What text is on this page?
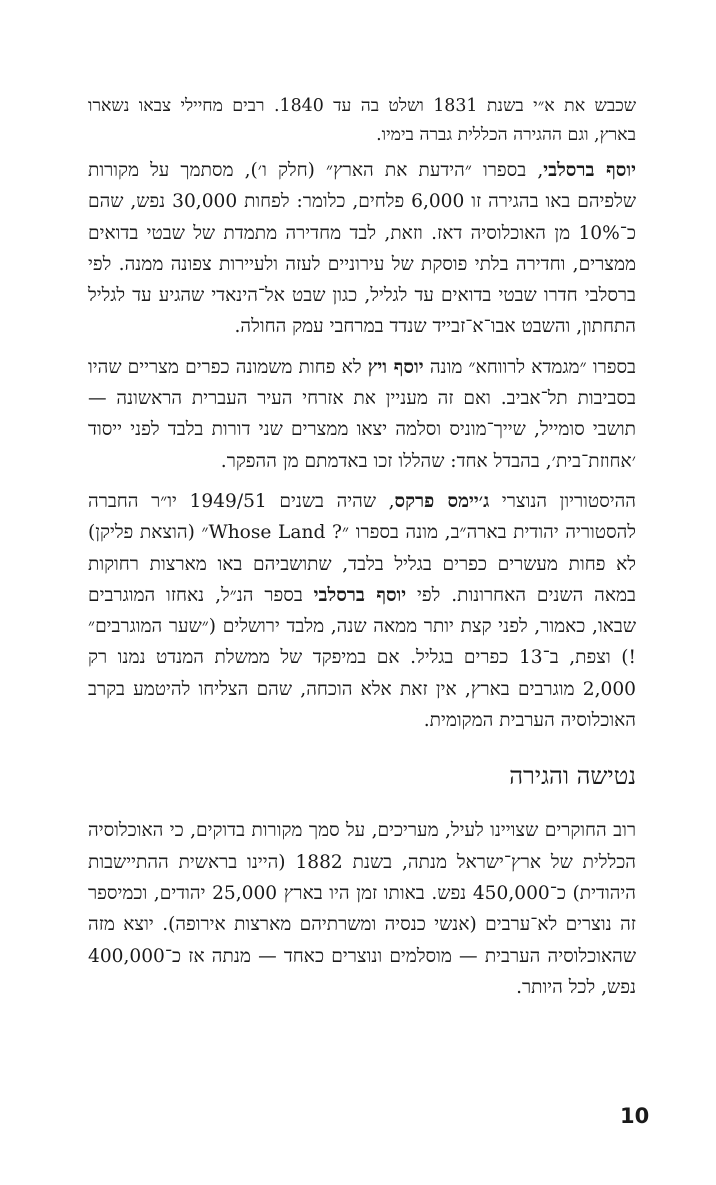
שכבש את א״י בשנת 1831 ושלט בה עד 1840. רבים מחיילי צבאו נשארו בארץ, וגם ההגירה הכללית גברה בימיו.

יוסף ברסלבי, בספרו ״הידעת את הארץ״ (חלק ו׳), מסתמך על מקורות שלפיהם באו בהגירה זו 6,000 פלחים, כלומר: לפחות 30,000 נפש, שהם כ־10% מן האוכלוסיה דאז. וזאת, לבד מחדירה מתמדת של שבטי בדואים ממצרים, וחדירה בלתי פוסקת של עירוניים לעזה ולעיירות צפונה ממנה. לפי ברסלבי חדרו שבטי בדואים עד לגליל, כגון שבט אל־הינאדי שהגיע עד לגליל התחתון, והשבט אבו־א־זבייד שנדד במרחבי עמק החולה.

בספרו ״מגמדא לרווחא״ מונה יוסף ויץ לא פחות משמונה כפרים מצריים שהיו בסביבות תל־אביב. ואם זה מעניין את אזרחי העיר העברית הראשונה — תושבי סומייל, שייך־מוניס וסלמה יצאו ממצרים שני דורות בלבד לפני ייסוד ׳אחוזת־בית׳, בהבדל אחד: שהללו זכו באדמתם מן ההפקר.

ההיסטוריון הנוצרי ג׳יימס פרקס, שהיה בשנים 1949/51 יו״ר החברה להסטוריה יהודית בארה״ב, מונה בספרו ״Whose Land ?״ (הוצאת פליקן) לא פחות מעשרים כפרים בגליל בלבד, שתושביהם באו מארצות רחוקות במאה השנים האחרונות. לפי יוסף ברסלבי בספר הנ״ל, נאחזו המוגרבים שבאו, כאמור, לפני קצת יותר ממאה שנה, מלבד ירושלים (״שער המוגרבים״ !) וצפת, ב־13 כפרים בגליל. אם במיפקד של ממשלת המנדט נמנו רק 2,000 מוגרבים בארץ, אין זאת אלא הוכחה, שהם הצליחו להיטמע בקרב האוכלוסיה הערבית המקומית.

נטישה והגירה

רוב החוקרים שצויינו לעיל, מעריכים, על סמך מקורות בדוקים, כי האוכלוסיה הכללית של ארץ־ישראל מנתה, בשנת 1882 (היינו בראשית ההתיישבות היהודית) כ־450,000 נפש. באותו זמן היו בארץ 25,000 יהודים, וכמיספר זה נוצרים לא־ערבים (אנשי כנסיה ומשרתיהם מארצות אירופה). יוצא מזה שהאוכלוסיה הערבית — מוסלמים ונוצרים כאחד — מנתה אז כ־400,000 נפש, לכל היותר.

10
